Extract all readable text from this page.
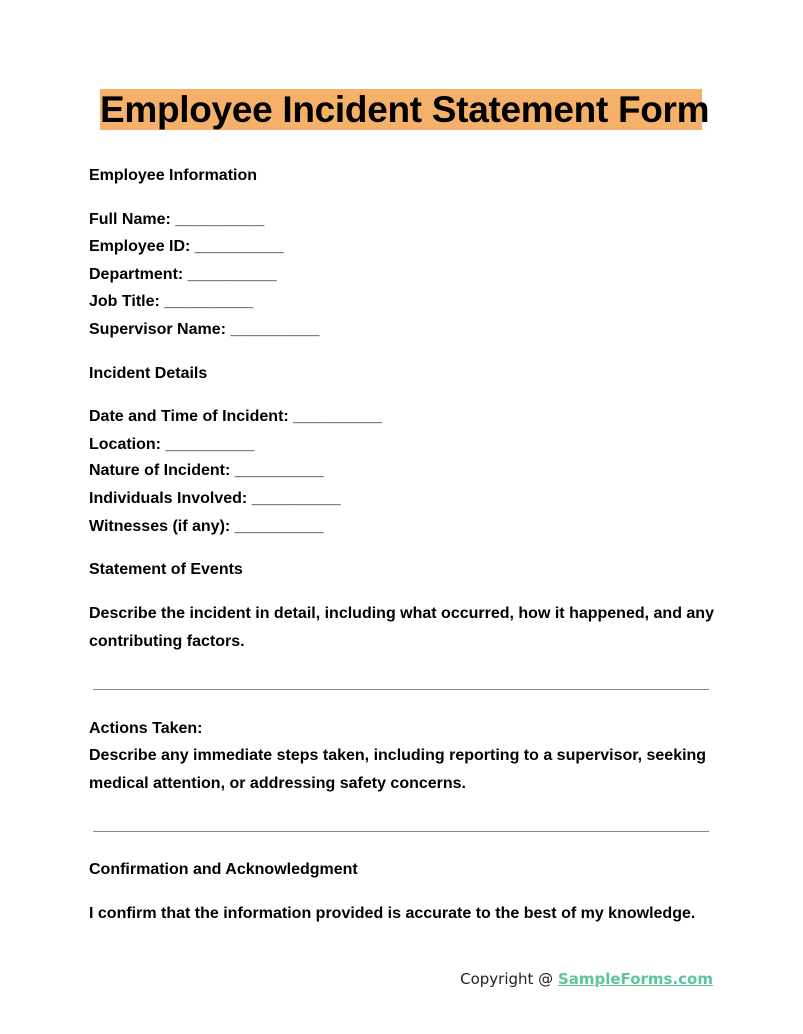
Employee Incident Statement Form
Employee Information
Full Name: __________
Employee ID: __________
Department: __________
Job Title: __________
Supervisor Name: __________
Incident Details
Date and Time of Incident: __________
Location: __________
Nature of Incident: __________
Individuals Involved: __________
Witnesses (if any): __________
Statement of Events
Describe the incident in detail, including what occurred, how it happened, and any contributing factors.
Actions Taken:
Describe any immediate steps taken, including reporting to a supervisor, seeking medical attention, or addressing safety concerns.
Confirmation and Acknowledgment
I confirm that the information provided is accurate to the best of my knowledge.
Copyright @ SampleForms.com
